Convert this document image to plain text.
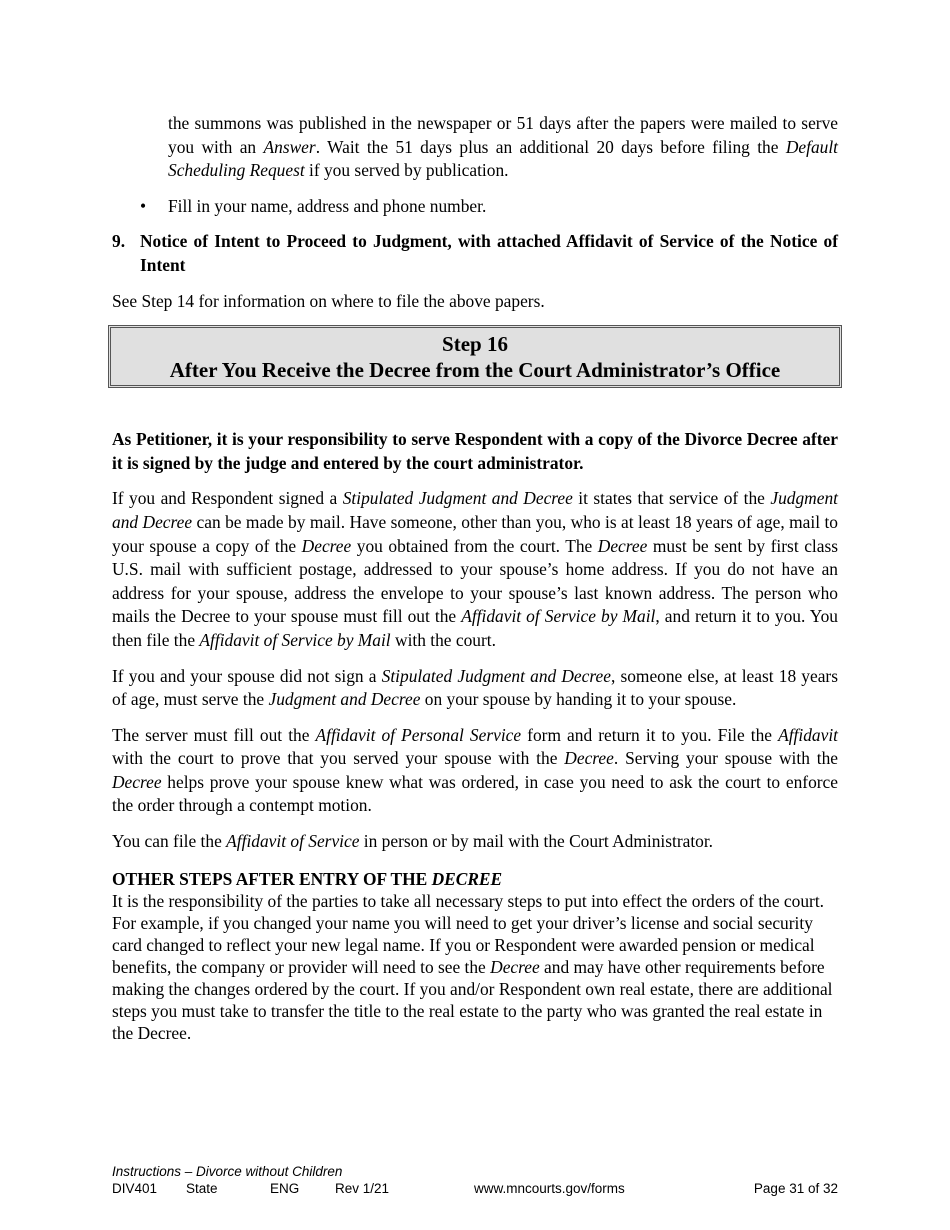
the summons was published in the newspaper or 51 days after the papers were mailed to serve you with an Answer. Wait the 51 days plus an additional 20 days before filing the Default Scheduling Request if you served by publication.

•	Fill in your name, address and phone number.

9. Notice of Intent to Proceed to Judgment, with attached Affidavit of Service of the Notice of Intent

See Step 14 for information on where to file the above papers.

Step 16
After You Receive the Decree from the Court Administrator’s Office

As Petitioner, it is your responsibility to serve Respondent with a copy of the Divorce Decree after it is signed by the judge and entered by the court administrator.

If you and Respondent signed a Stipulated Judgment and Decree it states that service of the Judgment and Decree can be made by mail. Have someone, other than you, who is at least 18 years of age, mail to your spouse a copy of the Decree you obtained from the court. The Decree must be sent by first class U.S. mail with sufficient postage, addressed to your spouse’s home address. If you do not have an address for your spouse, address the envelope to your spouse’s last known address. The person who mails the Decree to your spouse must fill out the Affidavit of Service by Mail, and return it to you. You then file the Affidavit of Service by Mail with the court.

If you and your spouse did not sign a Stipulated Judgment and Decree, someone else, at least 18 years of age, must serve the Judgment and Decree on your spouse by handing it to your spouse.

The server must fill out the Affidavit of Personal Service form and return it to you. File the Affidavit with the court to prove that you served your spouse with the Decree. Serving your spouse with the Decree helps prove your spouse knew what was ordered, in case you need to ask the court to enforce the order through a contempt motion.

You can file the Affidavit of Service in person or by mail with the Court Administrator.

OTHER STEPS AFTER ENTRY OF THE DECREE

It is the responsibility of the parties to take all necessary steps to put into effect the orders of the court. For example, if you changed your name you will need to get your driver’s license and social security card changed to reflect your new legal name. If you or Respondent were awarded pension or medical benefits, the company or provider will need to see the Decree and may have other requirements before making the changes ordered by the court. If you and/or Respondent own real estate, there are additional steps you must take to transfer the title to the real estate to the party who was granted the real estate in the Decree.

Instructions – Divorce without Children
DIV401 State	ENG	Rev 1/21	www.mncourts.gov/forms	Page 31 of 32
